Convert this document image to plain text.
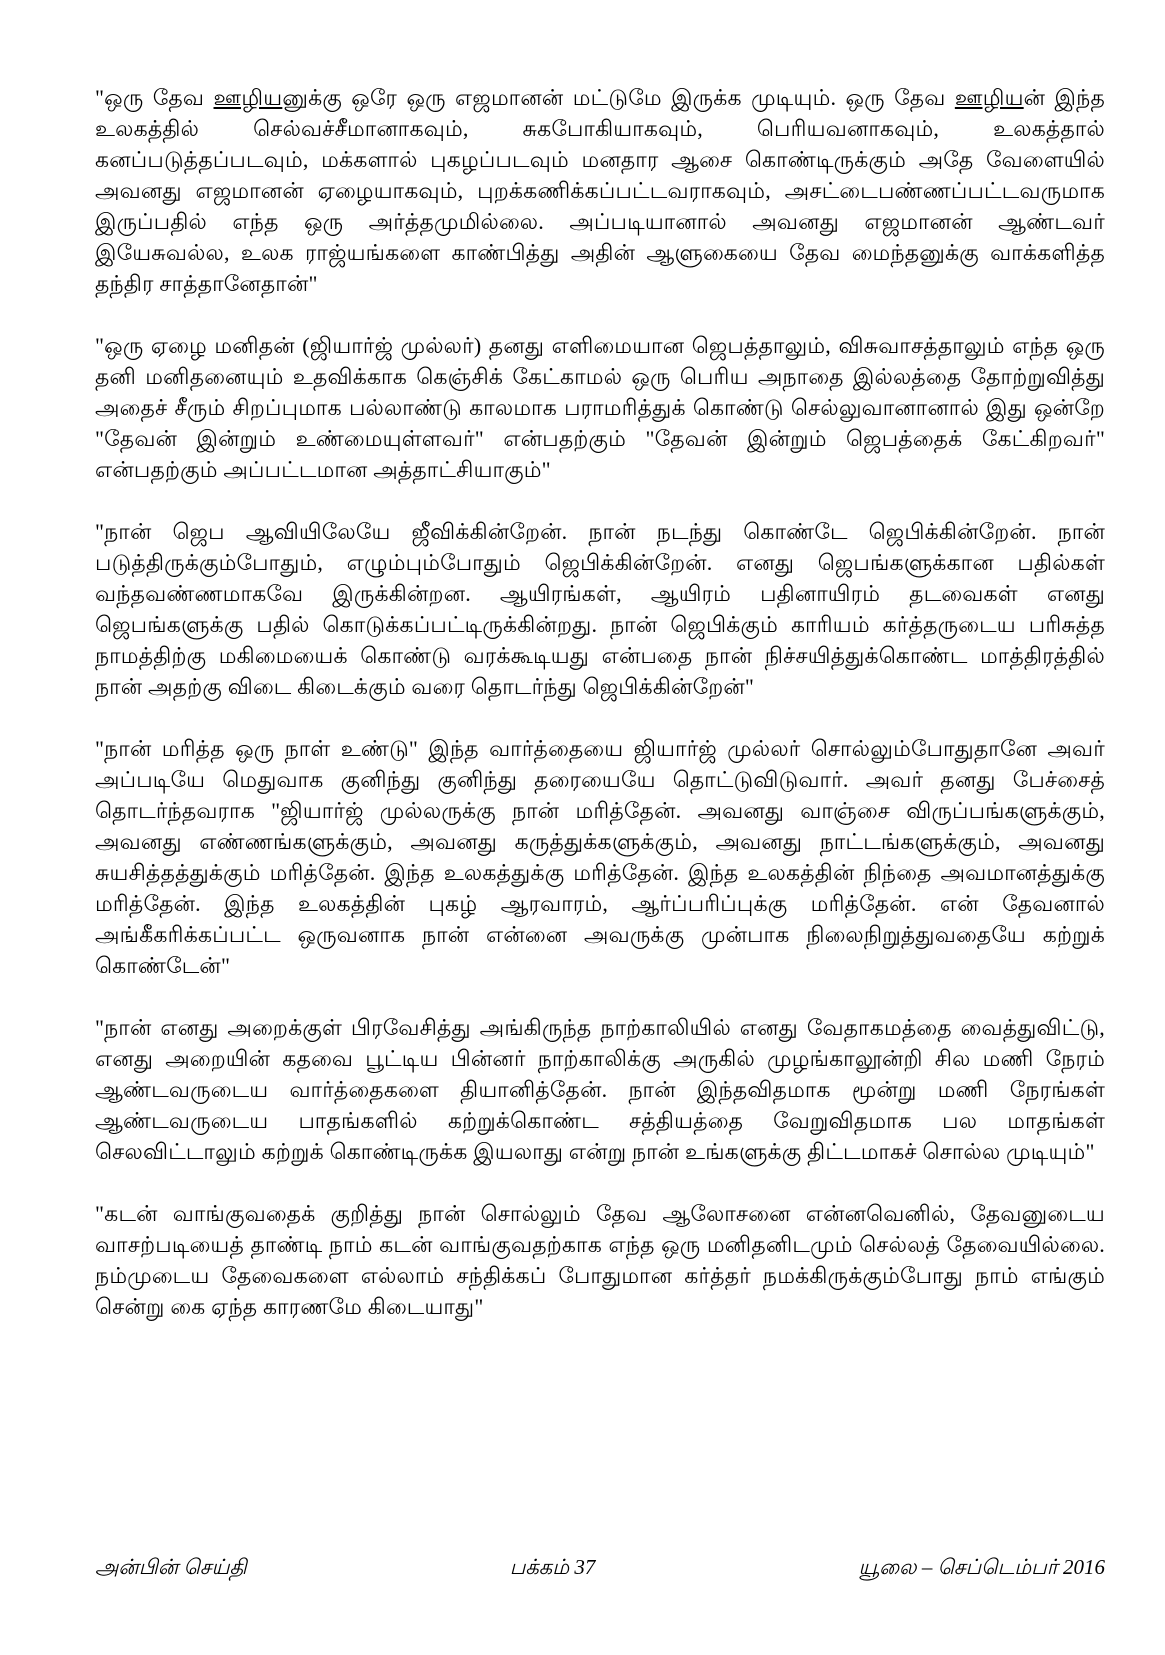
"ஒரு தேவ ஊழியனுக்கு ஒரே ஒரு எஜமானன் மட்டுமே இருக்க முடியும். ஒரு தேவ ஊழியன் இந்த உலகத்தில் செல்வச்சீமானாகவும், சுகபோகியாகவும், பெரியவனாகவும், உலகத்தால் கனப்படுத்தப்படவும், மக்களால் புகழப்படவும் மனதார ஆசை கொண்டிருக்கும் அதே வேளையில் அவனது எஜமானன் ஏழையாகவும், புறக்கணிக்கப்பட்டவராகவும், அசட்டைபண்ணப்பட்டவருமாக இருப்பதில் எந்த ஒரு அர்த்தமுமில்லை. அப்படியானால் அவனது எஜமானன் ஆண்டவர் இயேசுவல்ல, உலக ராஜ்யங்களை காண்பித்து அதின் ஆளுகையை தேவ மைந்தனுக்கு வாக்களித்த தந்திர சாத்தானேதான்"

"ஒரு ஏழை மனிதன் (ஜியார்ஜ் முல்லர்) தனது எளிமையான ஜெபத்தாலும், விசுவாசத்தாலும் எந்த ஒரு தனி மனிதனையும் உதவிக்காக கெஞ்சிக் கேட்காமல் ஒரு பெரிய அநாதை இல்லத்தை தோற்றுவித்து அதைச் சீரும் சிறப்புமாக பல்லாண்டு காலமாக பராமரித்துக் கொண்டு செல்லுவானானால் இது ஒன்றே "தேவன் இன்றும் உண்மையுள்ளவர்" என்பதற்கும் "தேவன் இன்றும் ஜெபத்தைக் கேட்கிறவர்" என்பதற்கும் அப்பட்டமான அத்தாட்சியாகும்"

"நான் ஜெப ஆவியிலேயே ஜீவிக்கின்றேன். நான் நடந்து கொண்டே ஜெபிக்கின்றேன். நான் படுத்திருக்கும்போதும், எழும்பும்போதும் ஜெபிக்கின்றேன். எனது ஜெபங்களுக்கான பதில்கள் வந்தவண்ணமாகவே இருக்கின்றன. ஆயிரங்கள், ஆயிரம் பதினாயிரம் தடவைகள் எனது ஜெபங்களுக்கு பதில் கொடுக்கப்பட்டிருக்கின்றது. நான் ஜெபிக்கும் காரியம் கர்த்தருடைய பரிசுத்த நாமத்திற்கு மகிமையைக் கொண்டு வரக்கூடியது என்பதை நான் நிச்சயித்துக்கொண்ட மாத்திரத்தில் நான் அதற்கு விடை கிடைக்கும் வரை தொடர்ந்து ஜெபிக்கின்றேன்"

"நான் மரித்த ஒரு நாள் உண்டு" இந்த வார்த்தையை ஜியார்ஜ் முல்லர் சொல்லும்போதுதானே அவர் அப்படியே மெதுவாக குனிந்து குனிந்து தரையையே தொட்டுவிடுவார். அவர் தனது பேச்சைத் தொடர்ந்தவராக "ஜியார்ஜ் முல்லருக்கு நான் மரித்தேன். அவனது வாஞ்சை விருப்பங்களுக்கும், அவனது எண்ணங்களுக்கும், அவனது கருத்துக்களுக்கும், அவனது நாட்டங்களுக்கும், அவனது சுயசித்தத்துக்கும் மரித்தேன். இந்த உலகத்துக்கு மரித்தேன். இந்த உலகத்தின் நிந்தை அவமானத்துக்கு மரித்தேன். இந்த உலகத்தின் புகழ் ஆரவாரம், ஆர்ப்பரிப்புக்கு மரித்தேன். என் தேவனால் அங்கீகரிக்கப்பட்ட ஒருவனாக நான் என்னை அவருக்கு முன்பாக நிலைநிறுத்துவதையே கற்றுக் கொண்டேன்"

"நான் எனது அறைக்குள் பிரவேசித்து அங்கிருந்த நாற்காலியில் எனது வேதாகமத்தை வைத்துவிட்டு, எனது அறையின் கதவை பூட்டிய பின்னர் நாற்காலிக்கு அருகில் முழங்காலூன்றி சில மணி நேரம் ஆண்டவருடைய வார்த்தைகளை தியானித்தேன். நான் இந்தவிதமாக மூன்று மணி நேரங்கள் ஆண்டவருடைய பாதங்களில் கற்றுக்கொண்ட சத்தியத்தை வேறுவிதமாக பல மாதங்கள் செலவிட்டாலும் கற்றுக் கொண்டிருக்க இயலாது என்று நான் உங்களுக்கு திட்டமாகச் சொல்ல முடியும்"

"கடன் வாங்குவதைக் குறித்து நான் சொல்லும் தேவ ஆலோசனை என்னவெனில், தேவனுடைய வாசற்படியைத் தாண்டி நாம் கடன் வாங்குவதற்காக எந்த ஒரு மனிதனிடமும் செல்லத் தேவையில்லை. நம்முடைய தேவைகளை எல்லாம் சந்திக்கப் போதுமான கர்த்தர் நமக்கிருக்கும்போது நாம் எங்கும் சென்று கை ஏந்த காரணமே கிடையாது"

அன்பின் செய்தி	பக்கம் 37	யூலை – செப்டெம்பர் 2016
